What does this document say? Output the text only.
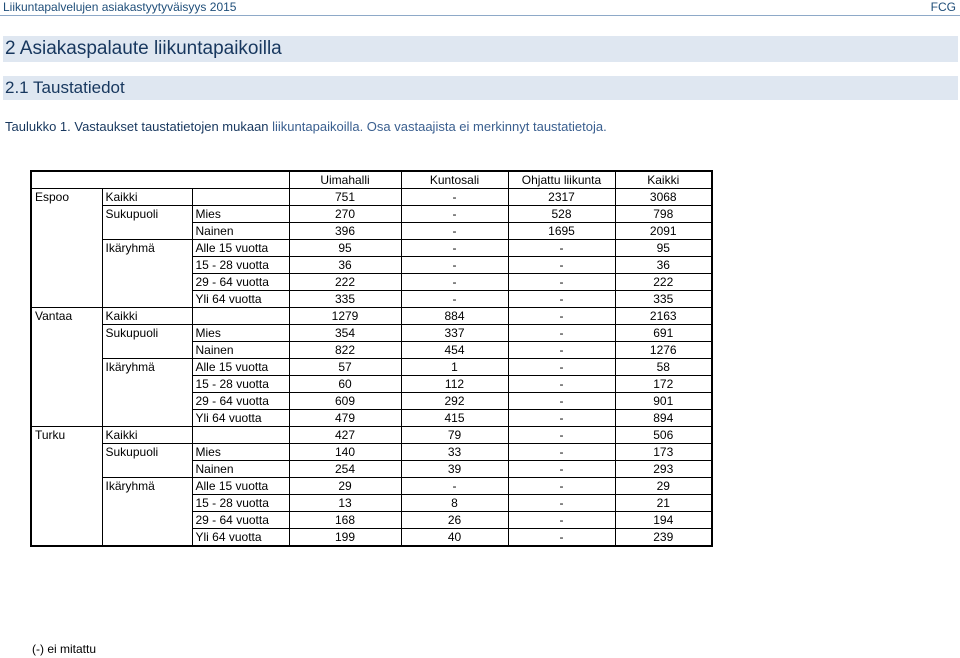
Liikuntapalvelujen asiakastyytyväisyys 2015	FCG
2 Asiakaspalaute liikuntapaikoilla
2.1 Taustatiedot
Taulukko 1. Vastaukset taustatietojen mukaan liikuntapaikoilla. Osa vastaajista ei merkinnyt taustatietoja.
			Uimahalli	Kuntosali	Ohjattu liikunta	Kaikki
Espoo	Kaikki		751	-	2317	3068
	Sukupuoli	Mies	270	-	528	798
		Nainen	396	-	1695	2091
	Ikäryhmä	Alle 15 vuotta	95	-	-	95
		15 - 28 vuotta	36	-	-	36
		29 - 64 vuotta	222	-	-	222
		Yli 64 vuotta	335	-	-	335
Vantaa	Kaikki		1279	884	-	2163
	Sukupuoli	Mies	354	337	-	691
		Nainen	822	454	-	1276
	Ikäryhmä	Alle 15 vuotta	57	1	-	58
		15 - 28 vuotta	60	112	-	172
		29 - 64 vuotta	609	292	-	901
		Yli 64 vuotta	479	415	-	894
Turku	Kaikki		427	79	-	506
	Sukupuoli	Mies	140	33	-	173
		Nainen	254	39	-	293
	Ikäryhmä	Alle 15 vuotta	29	-	-	29
		15 - 28 vuotta	13	8	-	21
		29 - 64 vuotta	168	26	-	194
		Yli 64 vuotta	199	40	-	239
(-) ei mitattu
